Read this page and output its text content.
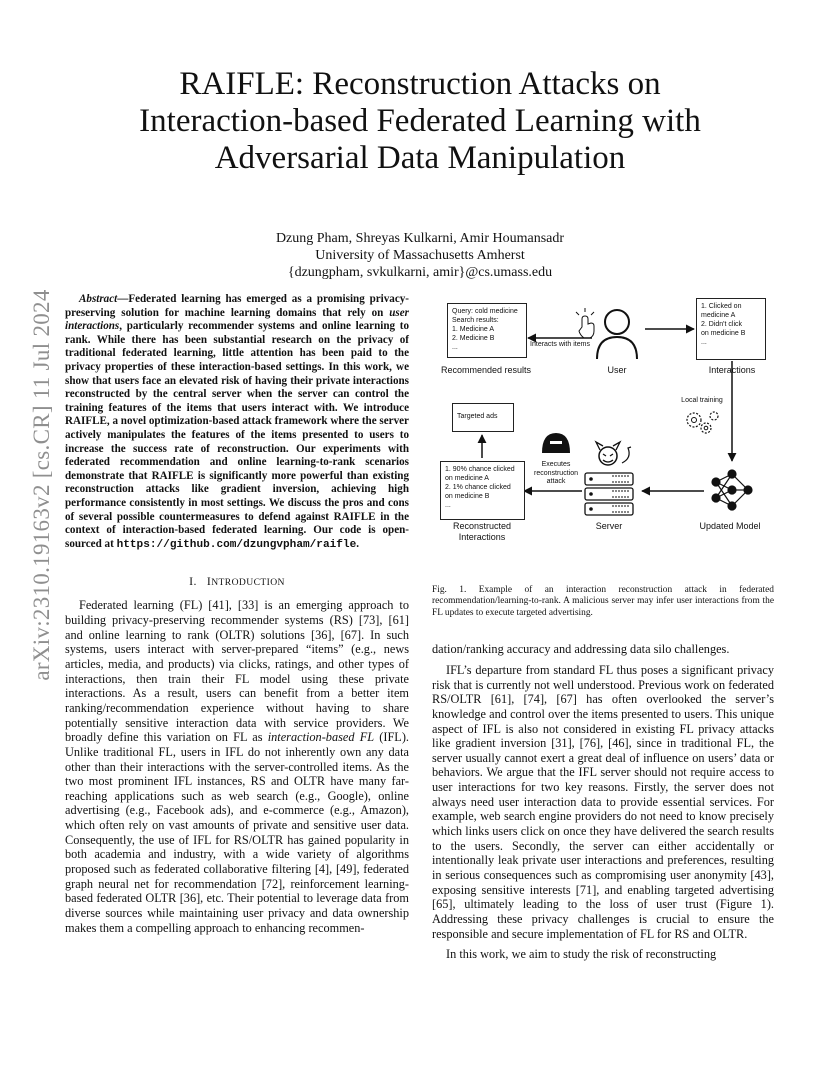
arXiv:2310.19163v2 [cs.CR] 11 Jul 2024
RAIFLE: Reconstruction Attacks on
Interaction-based Federated Learning with
Adversarial Data Manipulation
Dzung Pham, Shreyas Kulkarni, Amir Houmansadr
University of Massachusetts Amherst
{dzungpham, svkulkarni, amir}@cs.umass.edu

Abstract—Federated learning has emerged as a promising privacy-preserving solution for machine learning domains that rely on user interactions, particularly recommender systems and online learning to rank. While there has been substantial research on the privacy of traditional federated learning, little attention has been paid to the privacy properties of these interaction-based settings. In this work, we show that users face an elevated risk of having their private interactions reconstructed by the central server when the server can control the training features of the items that users interact with. We introduce RAIFLE, a novel optimization-based attack framework where the server actively manipulates the features of the items presented to users to increase the success rate of reconstruction. Our experiments with federated recommendation and online learning-to-rank scenarios demonstrate that RAIFLE is significantly more powerful than existing reconstruction attacks like gradient inversion, achieving high performance consistently in most settings. We discuss the pros and cons of several possible countermeasures to defend against RAIFLE in the context of interaction-based federated learning. Our code is open-sourced at https://github.com/dzungvpham/raifle.

I. INTRODUCTION

Federated learning (FL) [41], [33] is an emerging approach to building privacy-preserving recommender systems (RS) [73], [61] and online learning to rank (OLTR) solutions [36], [67]. In such systems, users interact with server-prepared “items” (e.g., news articles, media, and products) via clicks, ratings, and other types of interactions, then train their FL model using these private interactions. As a result, users can benefit from a better item ranking/recommendation experience without having to share potentially sensitive interaction data with service providers. We broadly define this variation on FL as interaction-based FL (IFL). Unlike traditional FL, users in IFL do not inherently own any data other than their interactions with the server-controlled items. As the two most prominent IFL instances, RS and OLTR have many far-reaching applications such as web search (e.g., Google), online advertising (e.g., Facebook ads), and e-commerce (e.g., Amazon), which often rely on vast amounts of private and sensitive user data. Consequently, the use of IFL for RS/OLTR has gained popularity in both academia and industry, with a wide variety of algorithms proposed such as federated collaborative filtering [4], [49], federated graph neural net for recommendation [72], reinforcement learning-based federated OLTR [36], etc. Their potential to leverage data from diverse sources while maintaining user privacy and data ownership makes them a compelling approach to enhancing recommen-

Query: cold medicine
Search results:
1. Medicine A
2. Medicine B
...
1. Clicked on
medicine A
2. Didn't click
on medicine B
...
Targeted ads
1. 90% chance clicked
on medicine A
2. 1% chance clicked
on medicine B
...
Interacts with items
Recommended results	User	Interactions
Local training
Executes
reconstruction
attack
Reconstructed
Interactions
Server	Updated Model

Fig. 1. Example of an interaction reconstruction attack in federated recommendation/learning-to-rank. A malicious server may infer user interactions from the FL updates to execute targeted advertising.

dation/ranking accuracy and addressing data silo challenges.

IFL’s departure from standard FL thus poses a significant privacy risk that is currently not well understood. Previous work on federated RS/OLTR [61], [74], [67] has often overlooked the server’s knowledge and control over the items presented to users. This unique aspect of IFL is also not considered in existing FL privacy attacks like gradient inversion [31], [76], [46], since in traditional FL, the server usually cannot exert a great deal of influence on users’ data or behaviors. We argue that the IFL server should not require access to user interactions for two key reasons. Firstly, the server does not always need user interaction data to provide essential services. For example, web search engine providers do not need to know precisely which links users click on once they have delivered the search results to the users. Secondly, the server can either accidentally or intentionally leak private user interactions and preferences, resulting in serious consequences such as compromising user anonymity [43], exposing sensitive interests [71], and enabling targeted advertising [65], ultimately leading to the loss of user trust (Figure 1). Addressing these privacy challenges is crucial to ensure the responsible and secure implementation of FL for RS and OLTR.

In this work, we aim to study the risk of reconstructing
